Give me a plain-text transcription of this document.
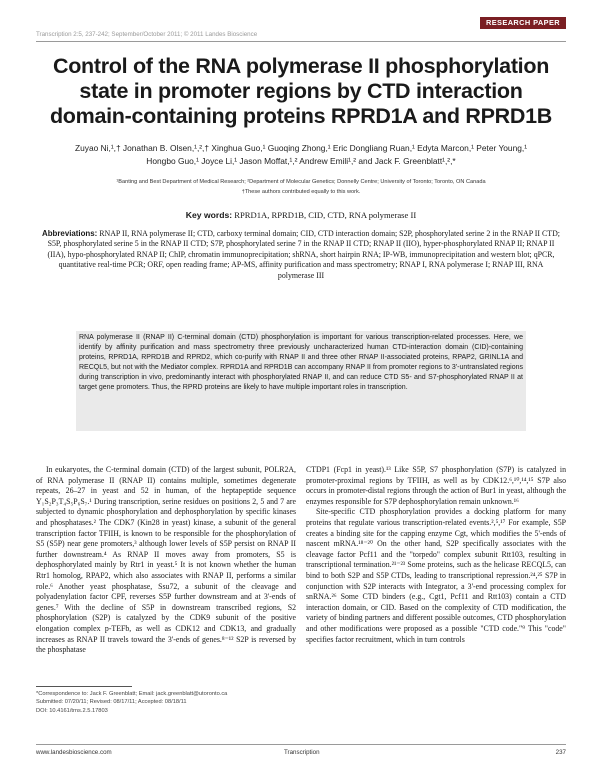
Transcription 2:5, 237-242; September/October 2011; © 2011 Landes Bioscience
RESEARCH PAPER
Control of the RNA polymerase II phosphorylation state in promoter regions by CTD interaction domain-containing proteins RPRD1A and RPRD1B
Zuyao Ni,¹,† Jonathan B. Olsen,¹,²,† Xinghua Guo,¹ Guoqing Zhong,¹ Eric Dongliang Ruan,¹ Edyta Marcon,¹ Peter Young,¹
Hongbo Guo,¹ Joyce Li,¹ Jason Moffat,¹,² Andrew Emili¹,² and Jack F. Greenblatt¹,²,*
¹Banting and Best Department of Medical Research; ²Department of Molecular Genetics; Donnelly Centre; University of Toronto; Toronto, ON Canada
†These authors contributed equally to this work.
Key words: RPRD1A, RPRD1B, CID, CTD, RNA polymerase II
Abbreviations: RNAP II, RNA polymerase II; CTD, carboxy terminal domain; CID, CTD interaction domain; S2P, phosphorylated serine 2 in the RNAP II CTD; S5P, phosphorylated serine 5 in the RNAP II CTD; S7P, phosphorylated serine 7 in the RNAP II CTD; RNAP II (IIO), hyper-phosphorylated RNAP II; RNAP II (IIA), hypo-phosphorylated RNAP II; ChIP, chromatin immunoprecipitation; shRNA, short hairpin RNA; IP-WB, immunoprecipitation and western blot; qPCR, quantitative real-time PCR; ORF, open reading frame; AP-MS, affinity purification and mass spectrometry; RNAP I, RNA polymerase I; RNAP III, RNA polymerase III
RNA polymerase II (RNAP II) C-terminal domain (CTD) phosphorylation is important for various transcription-related processes. Here, we identify by affinity purification and mass spectrometry three previously uncharacterized human CTD-interaction domain (CID)-containing proteins, RPRD1A, RPRD1B and RPRD2, which co-purify with RNAP II and three other RNAP II-associated proteins, RPAP2, GRINL1A and RECQL5, but not with the Mediator complex. RPRD1A and RPRD1B can accompany RNAP II from promoter regions to 3'-untranslated regions during transcription in vivo, predominantly interact with phosphorylated RNAP II, and can reduce CTD S5- and S7-phosphorylated RNAP II at target gene promoters. Thus, the RPRD proteins are likely to have multiple important roles in transcription.

In eukaryotes, the C-terminal domain (CTD) of the largest subunit, POLR2A, of RNA polymerase II (RNAP II) contains multiple, sometimes degenerate repeats, 26–27 in yeast and 52 in human, of the heptapeptide sequence Y₁S₂P₃T₄S₅P₆S₇.¹ During transcription, serine residues on positions 2, 5 and 7 are subjected to dynamic phosphorylation and dephosphorylation by specific kinases and phosphatases.² The CDK7 (Kin28 in yeast) kinase, a subunit of the general transcription factor TFIIH, is known to be responsible for the phosphorylation of S5 (S5P) near gene promoters,³ although lower levels of S5P persist on RNAP II further downstream.⁴ As RNAP II moves away from promoters, S5 is dephosphorylated mainly by Rtr1 in yeast.⁵ It is not known whether the human Rtr1 homolog, RPAP2, which also associates with RNAP II, performs a similar role.⁶ Another yeast phosphatase, Ssu72, a subunit of the cleavage and polyadenylation factor CPF, reverses S5P further downstream and at 3'-ends of genes.⁷ With the decline of S5P in downstream transcribed regions, S2 phosphorylation (S2P) is catalyzed by the CDK9 subunit of the positive elongation complex p-TEFb, as well as CDK12 and CDK13, and gradually increases as RNAP II travels toward the 3'-ends of genes.⁸⁻¹² S2P is reversed by the phosphatase

CTDP1 (Fcp1 in yeast).¹³ Like S5P, S7 phosphorylation (S7P) is catalyzed in promoter-proximal regions by TFIIH, as well as by CDK12.⁶,¹⁰,¹⁴,¹⁵ S7P also occurs in promoter-distal regions through the action of Bur1 in yeast, although the enzymes responsible for S7P dephosphorylation remain unknown.¹⁶

Site-specific CTD phosphorylation provides a docking platform for many proteins that regulate various transcription-related events.²,⁵,¹⁷ For example, S5P creates a binding site for the capping enzyme Cgt, which modifies the 5'-ends of nascent mRNA.¹⁸⁻²⁰ On the other hand, S2P specifically associates with the cleavage factor Pcf11 and the "torpedo" complex subunit Rtt103, resulting in transcriptional termination.²¹⁻²³ Some proteins, such as the helicase RECQL5, can bind to both S2P and S5P CTDs, leading to transcriptional repression.²⁴,²⁵ S7P in conjunction with S2P interacts with Integrator, a 3'-end processing complex for snRNA.²⁶ Some CTD binders (e.g., Cgt1, Pcf11 and Rtt103) contain a CTD interaction domain, or CID. Based on the complexity of CTD modification, the variety of binding partners and different possible outcomes, CTD phosphorylation and other modifications were proposed as a possible "CTD code."⁹ This "code" specifies factor recruitment, which in turn controls

*Correspondence to: Jack F. Greenblatt; Email: jack.greenblatt@utoronto.ca
Submitted: 07/20/11; Revised: 08/17/11; Accepted: 08/18/11
DOI: 10.4161/trns.2.5.17803
www.landesbioscience.com	Transcription	237
